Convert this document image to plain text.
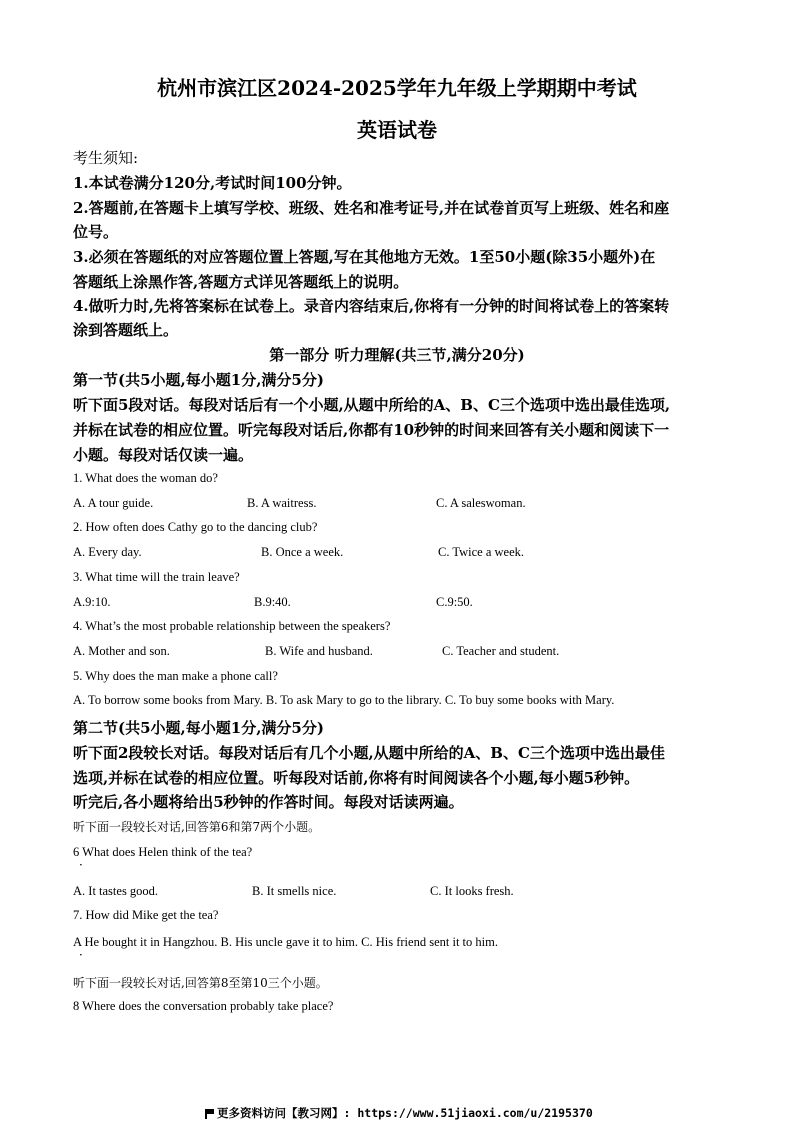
杭州市滨江区2024-2025学年九年级上学期期中考试
英语试卷
考生须知:
1.本试卷满分120分,考试时间100分钟。
2.答题前,在答题卡上填写学校、班级、姓名和准考证号,并在试卷首页写上班级、姓名和座
位号。
3.必须在答题纸的对应答题位置上答题,写在其他地方无效。1至50小题(除35小题外)在
答题纸上涂黑作答,答题方式详见答题纸上的说明。
4.做听力时,先将答案标在试卷上。录音内容结束后,你将有一分钟的时间将试卷上的答案转
涂到答题纸上。
第一部分 听力理解(共三节,满分20分)
第一节(共5小题,每小题1分,满分5分)
听下面5段对话。每段对话后有一个小题,从题中所给的A、B、C三个选项中选出最佳选项,
并标在试卷的相应位置。听完每段对话后,你都有10秒钟的时间来回答有关小题和阅读下一
小题。每段对话仅读一遍。
1. What does the woman do?
A. A tour guide.	B. A waitress.	C. A saleswoman.
2. How often does Cathy go to the dancing club?
A. Every day.	B. Once a week.	C. Twice a week.
3. What time will the train leave?
A.9:10.	B.9:40.	C.9:50.
4. What’s the most probable relationship between the speakers?
A. Mother and son.	B. Wife and husband.	C. Teacher and student.
5. Why does the man make a phone call?
A. To borrow some books from Mary. B. To ask Mary to go to the library. C. To buy some books with Mary.
第二节(共5小题,每小题1分,满分5分)
听下面2段较长对话。每段对话后有几个小题,从题中所给的A、B、C三个选项中选出最佳
选项,并标在试卷的相应位置。听每段对话前,你将有时间阅读各个小题,每小题5秒钟。
听完后,各小题将给出5秒钟的作答时间。每段对话读两遍。
听下面一段较长对话,回答第6和第7两个小题。
6 What does Helen think of the tea?
·
A. It tastes good.	B. It smells nice.	C. It looks fresh.
7. How did Mike get the tea?
A He bought it in Hangzhou. B. His uncle gave it to him. C. His friend sent it to him.
·
听下面一段较长对话,回答第8至第10三个小题。
8 Where does the conversation probably take place?
更多资料访问【教习网】: https://www.51jiaoxi.com/u/2195370
